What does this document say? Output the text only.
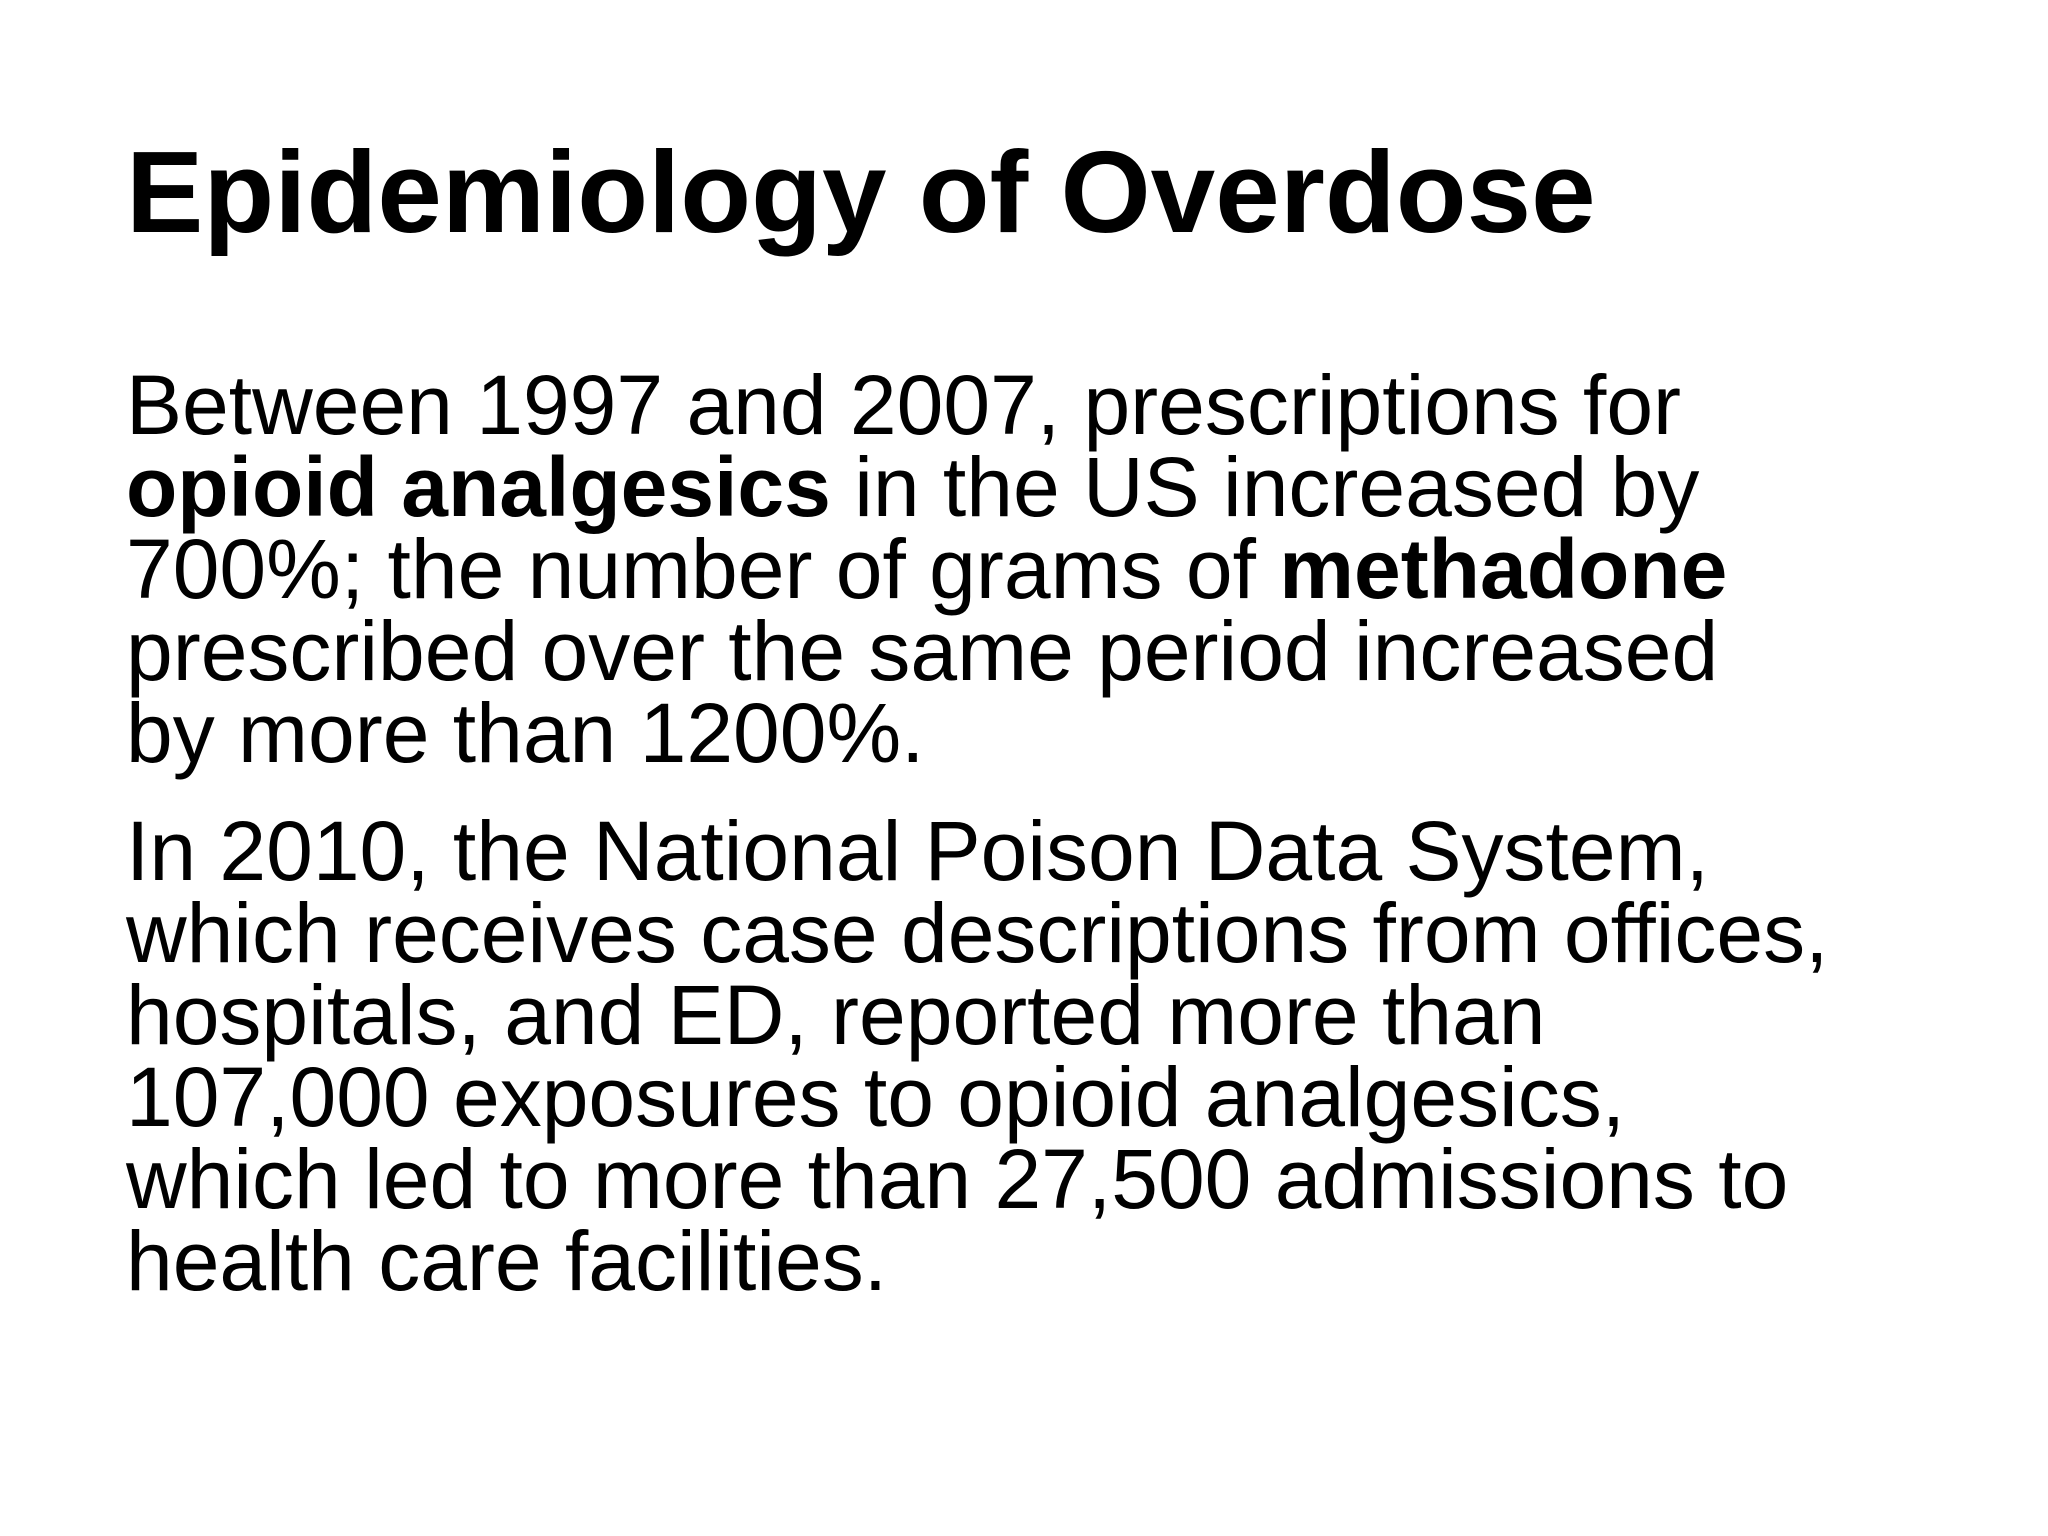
Epidemiology of Overdose

Between 1997 and 2007, prescriptions for
opioid analgesics in the US increased by
700%; the number of grams of methadone
prescribed over the same period increased
by more than 1200%.

In 2010, the National Poison Data System,
which receives case descriptions from offices,
hospitals, and ED, reported more than
107,000 exposures to opioid analgesics,
which led to more than 27,500 admissions to
health care facilities.
